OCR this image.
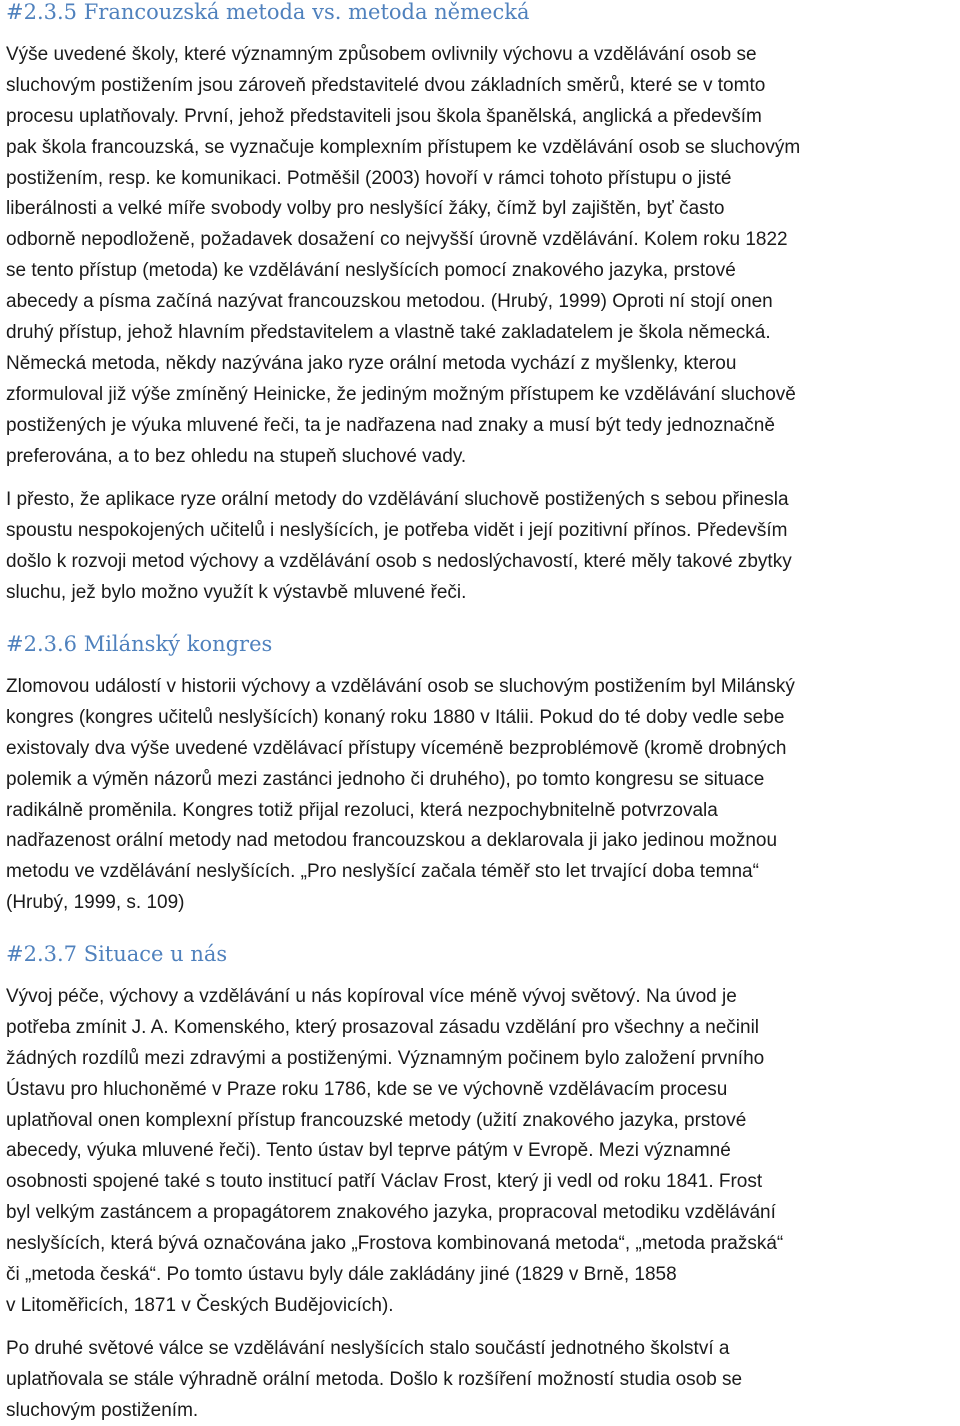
#2.3.5 Francouzská metoda vs. metoda německá
Výše uvedené školy, které významným způsobem ovlivnily výchovu a vzdělávání osob se
sluchovým postižením jsou zároveň představitelé dvou základních směrů, které se v tomto
procesu uplatňovaly. První, jehož představiteli jsou škola španělská, anglická a především
pak škola francouzská, se vyznačuje komplexním přístupem ke vzdělávání osob se sluchovým
postižením, resp. ke komunikaci. Potměšil (2003) hovoří v rámci tohoto přístupu o jisté
liberálnosti a velké míře svobody volby pro neslyšící žáky, čímž byl zajištěn, byť často
odborně nepodloženě, požadavek dosažení co nejvyšší úrovně vzdělávání. Kolem roku 1822
se tento přístup (metoda) ke vzdělávání neslyšících pomocí znakového jazyka, prstové
abecedy a písma začíná nazývat francouzskou metodou. (Hrubý, 1999) Oproti ní stojí onen
druhý přístup, jehož hlavním představitelem a vlastně také zakladatelem je škola německá.
Německá metoda, někdy nazývána jako ryze orální metoda vychází z myšlenky, kterou
zformuloval již výše zmíněný Heinicke, že jediným možným přístupem ke vzdělávání sluchově
postižených je výuka mluvené řeči, ta je nadřazena nad znaky a musí být tedy jednoznačně
preferována, a to bez ohledu na stupeň sluchové vady.
I přesto, že aplikace ryze orální metody do vzdělávání sluchově postižených s sebou přinesla
spoustu nespokojených učitelů i neslyšících, je potřeba vidět i její pozitivní přínos. Především
došlo k rozvoji metod výchovy a vzdělávání osob s nedoslýchavostí, které měly takové zbytky
sluchu, jež bylo možno využít k výstavbě mluvené řeči.
#2.3.6 Milánský kongres
Zlomovou událostí v historii výchovy a vzdělávání osob se sluchovým postižením byl Milánský
kongres (kongres učitelů neslyšících) konaný roku 1880 v Itálii. Pokud do té doby vedle sebe
existovaly dva výše uvedené vzdělávací přístupy víceméně bezproblémově (kromě drobných
polemik a výměn názorů mezi zastánci jednoho či druhého), po tomto kongresu se situace
radikálně proměnila. Kongres totiž přijal rezoluci, která nezpochybnitelně potvrzovala
nadřazenost orální metody nad metodou francouzskou a deklarovala ji jako jedinou možnou
metodu ve vzdělávání neslyšících. „Pro neslyšící začala téměř sto let trvající doba temna“
(Hrubý, 1999, s. 109)
#2.3.7 Situace u nás
Vývoj péče, výchovy a vzdělávání u nás kopíroval více méně vývoj světový. Na úvod je
potřeba zmínit J. A. Komenského, který prosazoval zásadu vzdělání pro všechny a nečinil
žádných rozdílů mezi zdravými a postiženými. Významným počinem bylo založení prvního
Ústavu pro hluchoněmé v Praze roku 1786, kde se ve výchovně vzdělávacím procesu
uplatňoval onen komplexní přístup francouzské metody (užití znakového jazyka, prstové
abecedy, výuka mluvené řeči). Tento ústav byl teprve pátým v Evropě. Mezi významné
osobnosti spojené také s touto institucí patří Václav Frost, který ji vedl od roku 1841. Frost
byl velkým zastáncem a propagátorem znakového jazyka, propracoval metodiku vzdělávání
neslyšících, která bývá označována jako „Frostova kombinovaná metoda“, „metoda pražská“
či „metoda česká“. Po tomto ústavu byly dále zakládány jiné (1829 v Brně, 1858
v Litoměřicích, 1871 v Českých Budějovicích).
Po druhé světové válce se vzdělávání neslyšících stalo součástí jednotného školství a
uplatňovala se stále výhradně orální metoda. Došlo k rozšíření možností studia osob se
sluchovým postižením.
